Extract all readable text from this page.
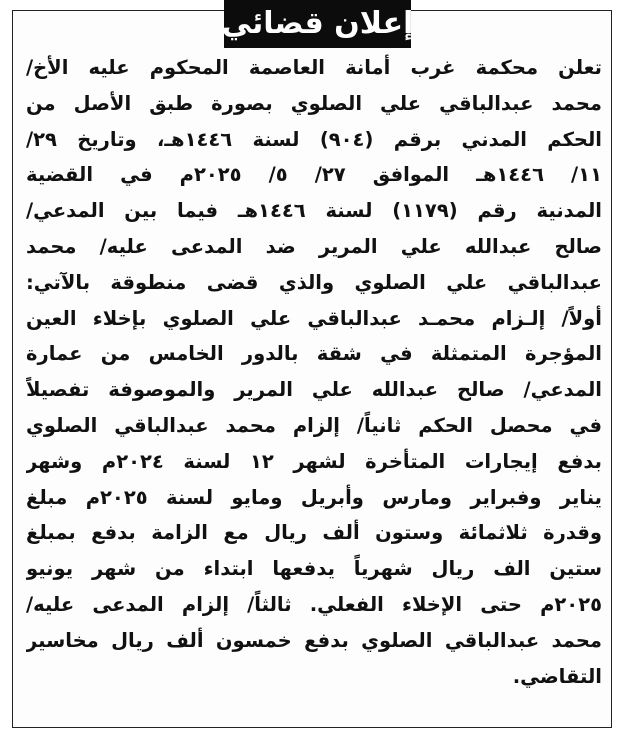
إعلان قضائي
تعلن محكمة غرب أمانة العاصمة المحكوم عليه الأخ/
محمد عبدالباقي علي الصلوي بصورة طبق الأصل من
الحكم المدني برقم (٩٠٤) لسنة ١٤٤٦هـ، وتاريخ ٢٩/
١١/ ١٤٤٦هـ الموافق ٢٧/ ٥/ ٢٠٢٥م في القضية
المدنية رقم (١١٧٩) لسنة ١٤٤٦هـ فيما بين المدعي/
صالح عبدالله علي المرير ضد المدعى عليه/ محمد
عبدالباقي علي الصلوي والذي قضى منطوقة بالآتي:
أولاً/ إلـزام محمـد عبدالباقي علي الصلوي بإخلاء العين
المؤجرة المتمثلة في شقة بالدور الخامس من عمارة
المدعي/ صالح عبدالله علي المرير والموصوفة تفصيلاً
في محصل الحكم ثانياً/ إلزام محمد عبدالباقي الصلوي
بدفع إيجارات المتأخرة لشهر ١٢ لسنة ٢٠٢٤م وشهر
يناير وفبراير ومارس وأبريل ومايو لسنة ٢٠٢٥م مبلغ
وقدرة ثلاثمائة وستون ألف ريال مع الزامة بدفع بمبلغ
ستين الف ريال شهرياً يدفعها ابتداء من شهر يونيو
٢٠٢٥م حتى الإخلاء الفعلي. ثالثاً/ إلزام المدعى عليه/
محمد عبدالباقي الصلوي بدفع خمسون ألف ريال مخاسير
التقاضي.
